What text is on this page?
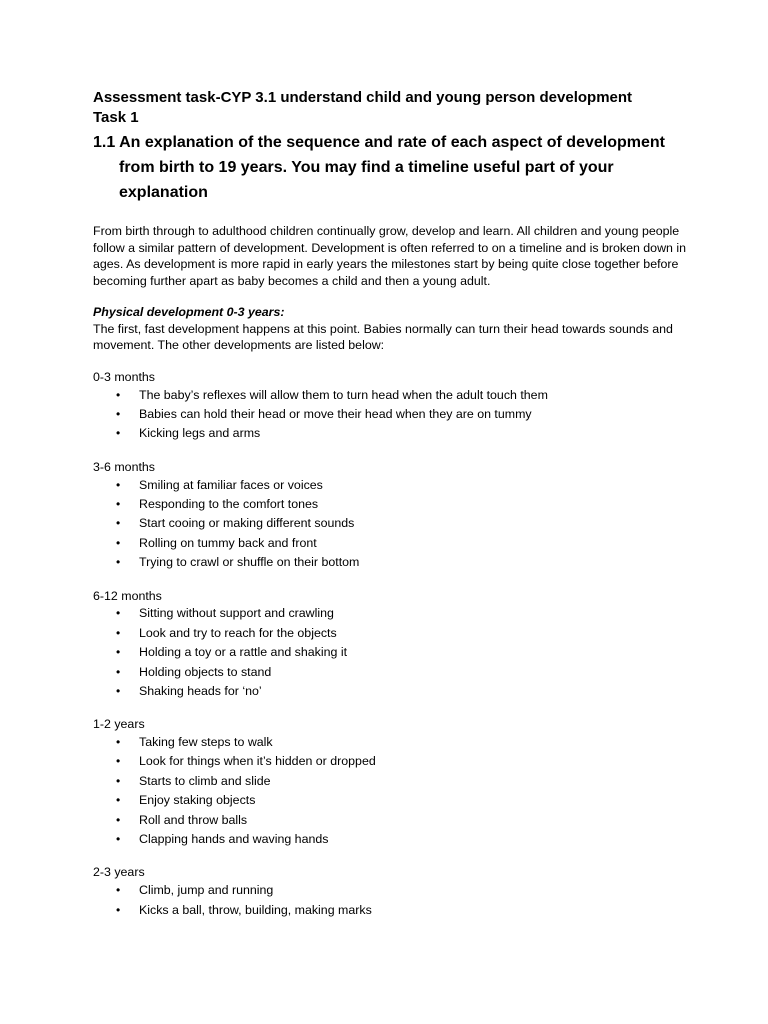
Assessment task-CYP 3.1 understand child and young person development

Task 1

1.1 An explanation of the sequence and rate of each aspect of development from birth to 19 years. You may find a timeline useful part of your explanation

From birth through to adulthood children continually grow, develop and learn. All children and young people follow a similar pattern of development. Development is often referred to on a timeline and is broken down in ages. As development is more rapid in early years the milestones start by being quite close together before becoming further apart as baby becomes a child and then a young adult.

Physical development 0-3 years:

The first, fast development happens at this point. Babies normally can turn their head towards sounds and movement. The other developments are listed below:

0-3 months
• The baby’s reflexes will allow them to turn head when the adult touch them
• Babies can hold their head or move their head when they are on tummy
• Kicking legs and arms
3-6 months
• Smiling at familiar faces or voices
• Responding to the comfort tones
• Start cooing or making different sounds
• Rolling on tummy back and front
• Trying to crawl or shuffle on their bottom
6-12 months
• Sitting without support and crawling
• Look and try to reach for the objects
• Holding a toy or a rattle and shaking it
• Holding objects to stand
• Shaking heads for ‘no’
1-2 years
• Taking few steps to walk
• Look for things when it’s hidden or dropped
• Starts to climb and slide
• Enjoy staking objects
• Roll and throw balls
• Clapping hands and waving hands
2-3 years
• Climb, jump and running
• Kicks a ball, throw, building, making marks
